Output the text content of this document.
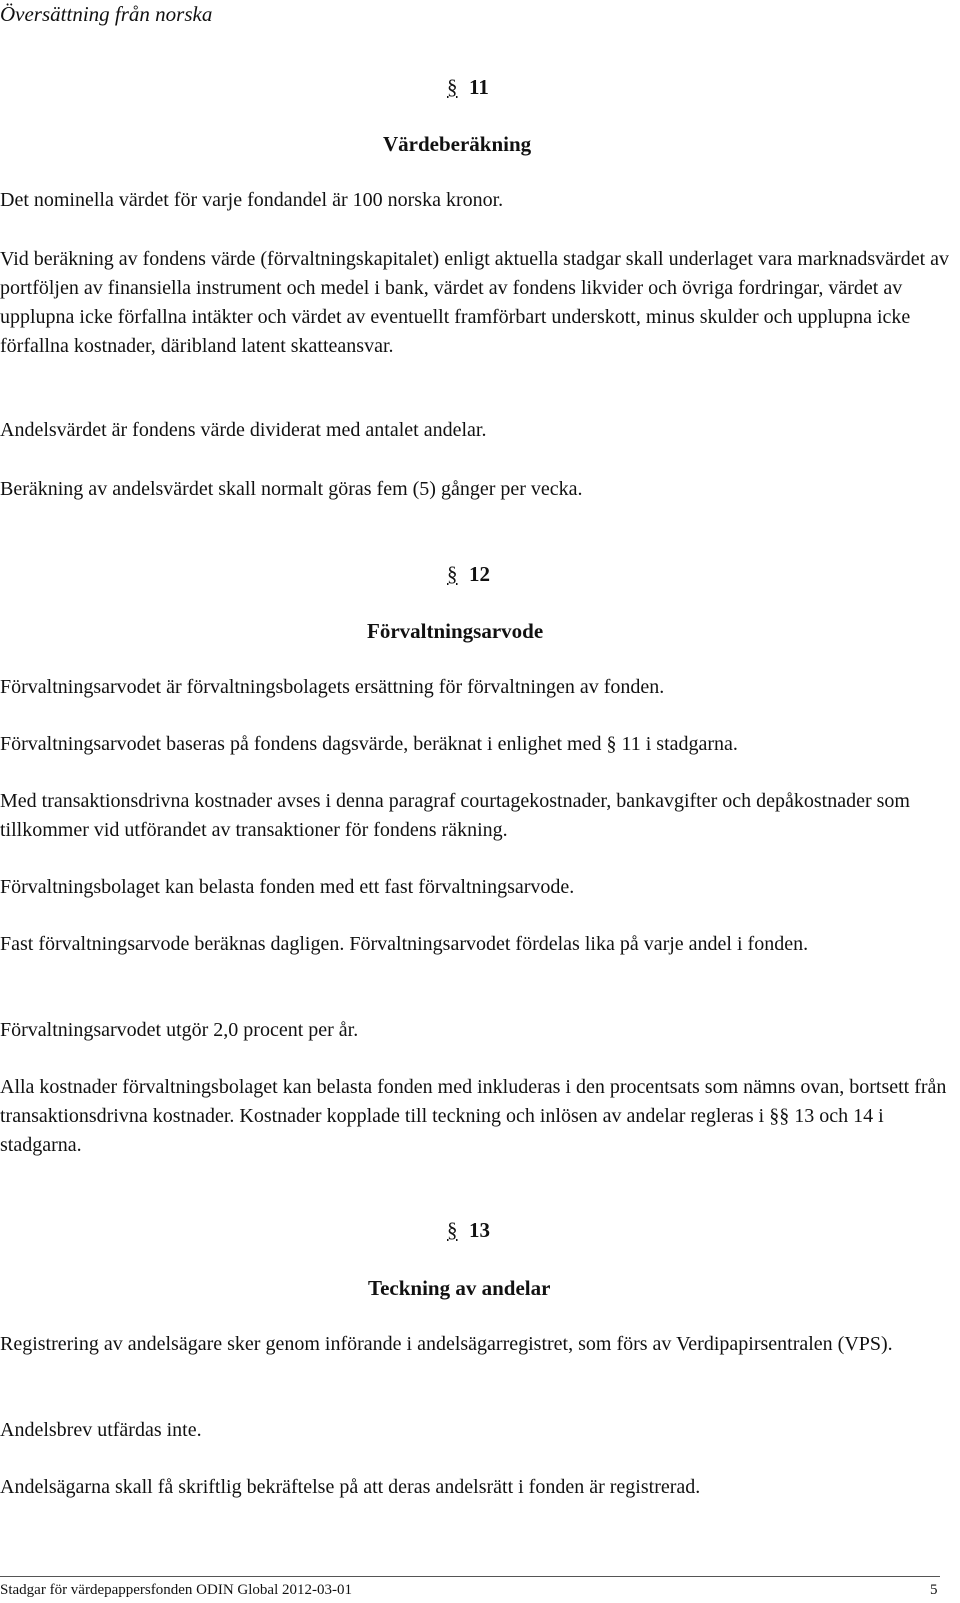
Översättning från norska
§ 11
Värdeberäkning

Det nominella värdet för varje fondandel är 100 norska kronor.

Vid beräkning av fondens värde (förvaltningskapitalet) enligt aktuella stadgar skall underlaget vara marknadsvärdet av portföljen av finansiella instrument och medel i bank, värdet av fondens likvider och övriga fordringar, värdet av upplupna icke förfallna intäkter och värdet av eventuellt framförbart underskott, minus skulder och upplupna icke förfallna kostnader, däribland latent skatteansvar.

Andelsvärdet är fondens värde dividerat med antalet andelar.

Beräkning av andelsvärdet skall normalt göras fem (5) gånger per vecka.

§ 12
Förvaltningsarvode

Förvaltningsarvodet är förvaltningsbolagets ersättning för förvaltningen av fonden.

Förvaltningsarvodet baseras på fondens dagsvärde, beräknat i enlighet med § 11 i stadgarna.

Med transaktionsdrivna kostnader avses i denna paragraf courtagekostnader, bankavgifter och depåkostnader som tillkommer vid utförandet av transaktioner för fondens räkning.

Förvaltningsbolaget kan belasta fonden med ett fast förvaltningsarvode.

Fast förvaltningsarvode beräknas dagligen. Förvaltningsarvodet fördelas lika på varje andel i fonden.

Förvaltningsarvodet utgör 2,0 procent per år.

Alla kostnader förvaltningsbolaget kan belasta fonden med inkluderas i den procentsats som nämns ovan, bortsett från transaktionsdrivna kostnader. Kostnader kopplade till teckning och inlösen av andelar regleras i §§ 13 och 14 i stadgarna.

§ 13
Teckning av andelar

Registrering av andelsägare sker genom införande i andelsägarregistret, som förs av Verdipapirsentralen (VPS).

Andelsbrev utfärdas inte.

Andelsägarna skall få skriftlig bekräftelse på att deras andelsrätt i fonden är registrerad.

Stadgar för värdepappersfonden ODIN Global 2012-03-01	5
